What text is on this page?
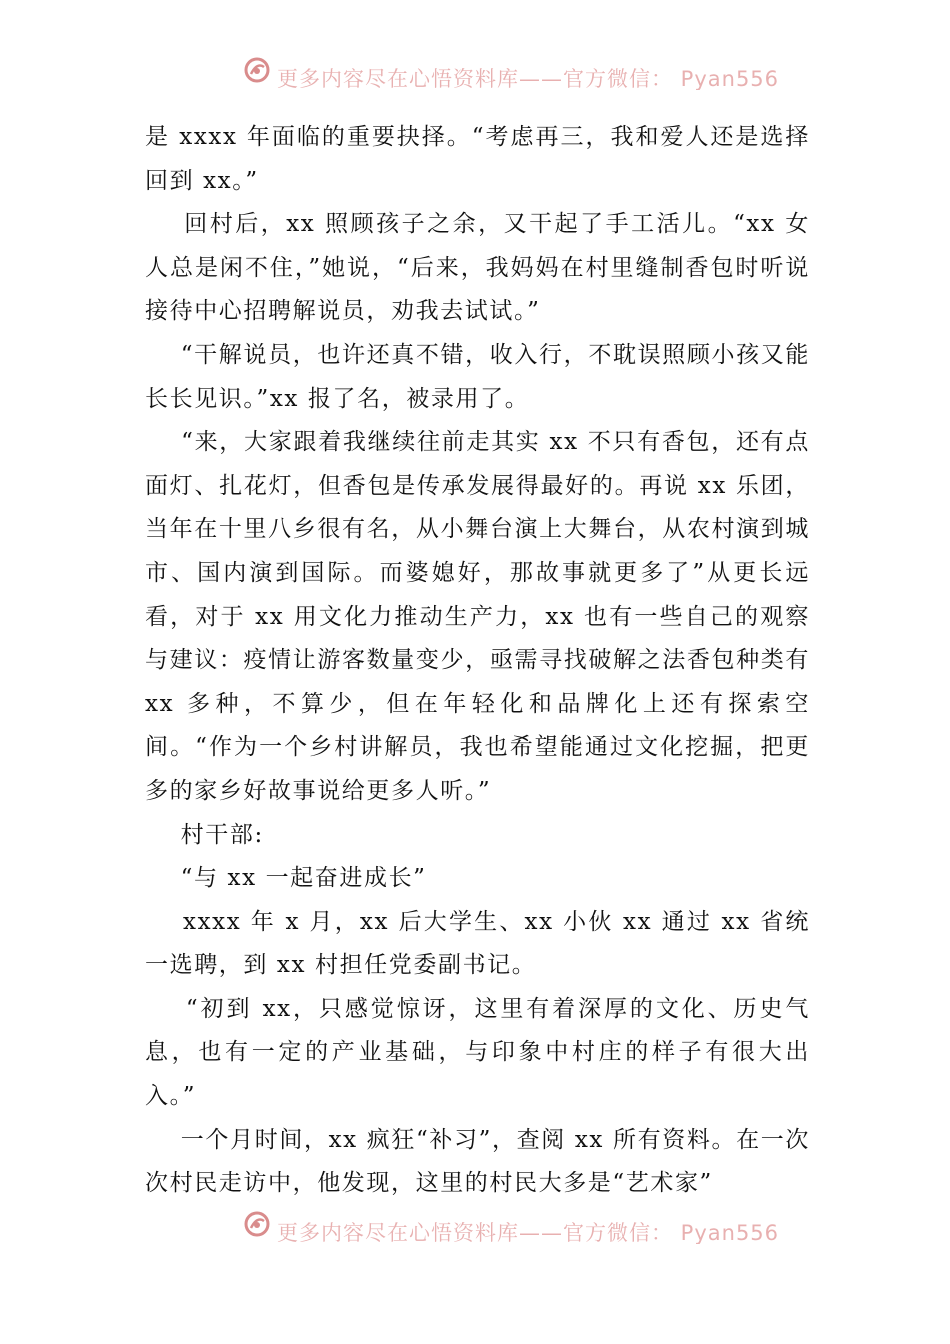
更多内容尽在心悟资料库——官方微信： Pyan556

是 xxxx 年面临的重要抉择。“考虑再三，我和爱人还是选择回到 xx。”

回村后，xx 照顾孩子之余，又干起了手工活儿。“xx 女人总是闲不住，”她说，“后来，我妈妈在村里缝制香包时听说接待中心招聘解说员，劝我去试试。”

“干解说员，也许还真不错，收入行，不耽误照顾小孩又能长长见识。”xx 报了名，被录用了。

“来，大家跟着我继续往前走其实 xx 不只有香包，还有点面灯、扎花灯，但香包是传承发展得最好的。再说 xx 乐团，当年在十里八乡很有名，从小舞台演上大舞台，从农村演到城市、国内演到国际。而婆媳好，那故事就更多了”从更长远看，对于 xx 用文化力推动生产力，xx 也有一些自己的观察与建议：疫情让游客数量变少，亟需寻找破解之法香包种类有 xx 多种，不算少，但在年轻化和品牌化上还有探索空间。“作为一个乡村讲解员，我也希望能通过文化挖掘，把更多的家乡好故事说给更多人听。”

村干部:

“与 xx 一起奋进成长”

xxxx 年 x 月，xx 后大学生、xx 小伙 xx 通过 xx 省统一选聘，到 xx 村担任党委副书记。

“初到 xx，只感觉惊讶，这里有着深厚的文化、历史气息，也有一定的产业基础，与印象中村庄的样子有很大出入。”

一个月时间，xx 疯狂“补习”，查阅 xx 所有资料。在一次次村民走访中，他发现，这里的村民大多是“艺术家”

更多内容尽在心悟资料库——官方微信： Pyan556
